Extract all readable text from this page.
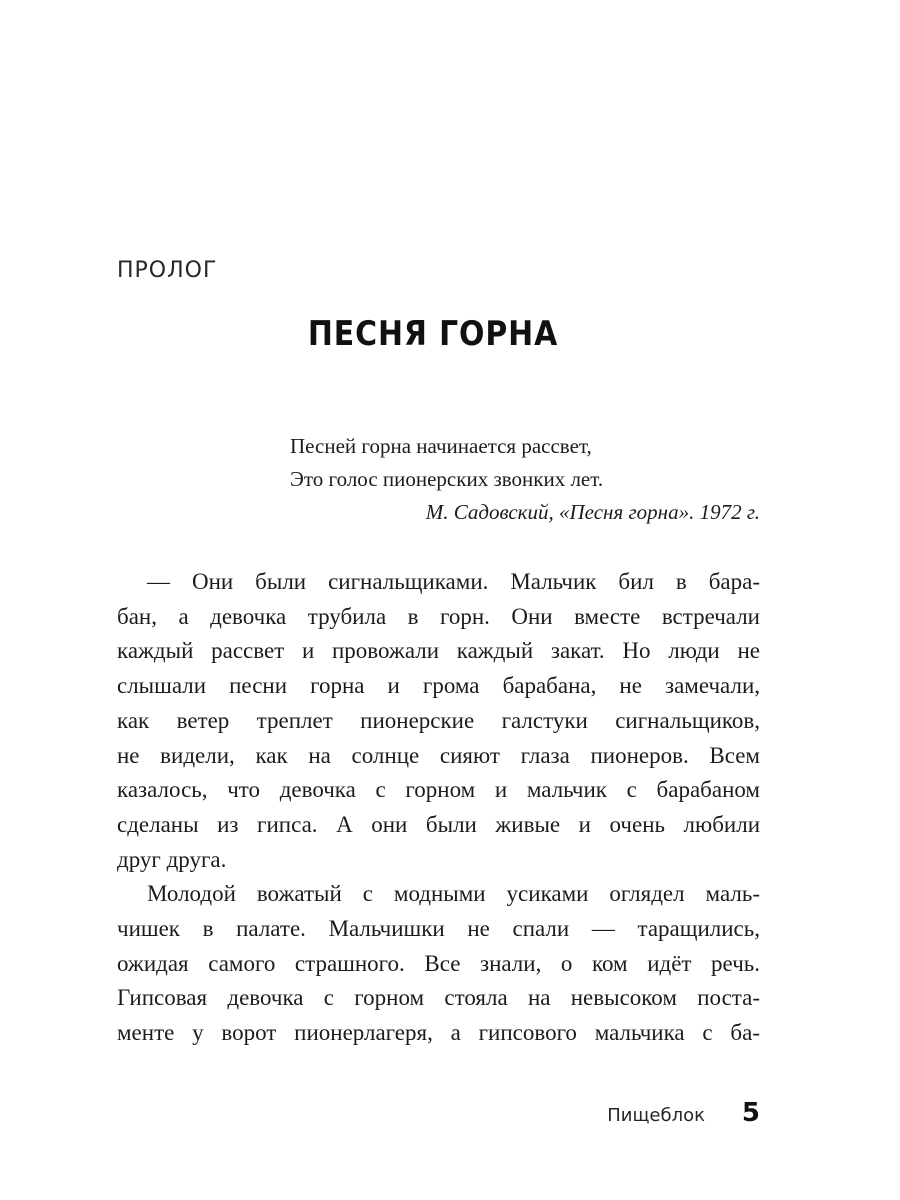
ПРОЛОГ
ПЕСНЯ ГОРНА
Песней горна начинается рассвет,
Это голос пионерских звонких лет.
М. Садовский, «Песня горна». 1972 г.

— Они были сигнальщиками. Мальчик бил в бара-
бан, а девочка трубила в горн. Они вместе встречали
каждый рассвет и провожали каждый закат. Но люди не
слышали песни горна и грома барабана, не замечали,
как ветер треплет пионерские галстуки сигнальщиков,
не видели, как на солнце сияют глаза пионеров. Всем
казалось, что девочка с горном и мальчик с барабаном
сделаны из гипса. А они были живые и очень любили
друг друга.

Молодой вожатый с модными усиками оглядел маль-
чишек в палате. Мальчишки не спали — таращились,
ожидая самого страшного. Все знали, о ком идёт речь.
Гипсовая девочка с горном стояла на невысоком поста-
менте у ворот пионерлагеря, а гипсового мальчика с ба-

Пищеблок 5
